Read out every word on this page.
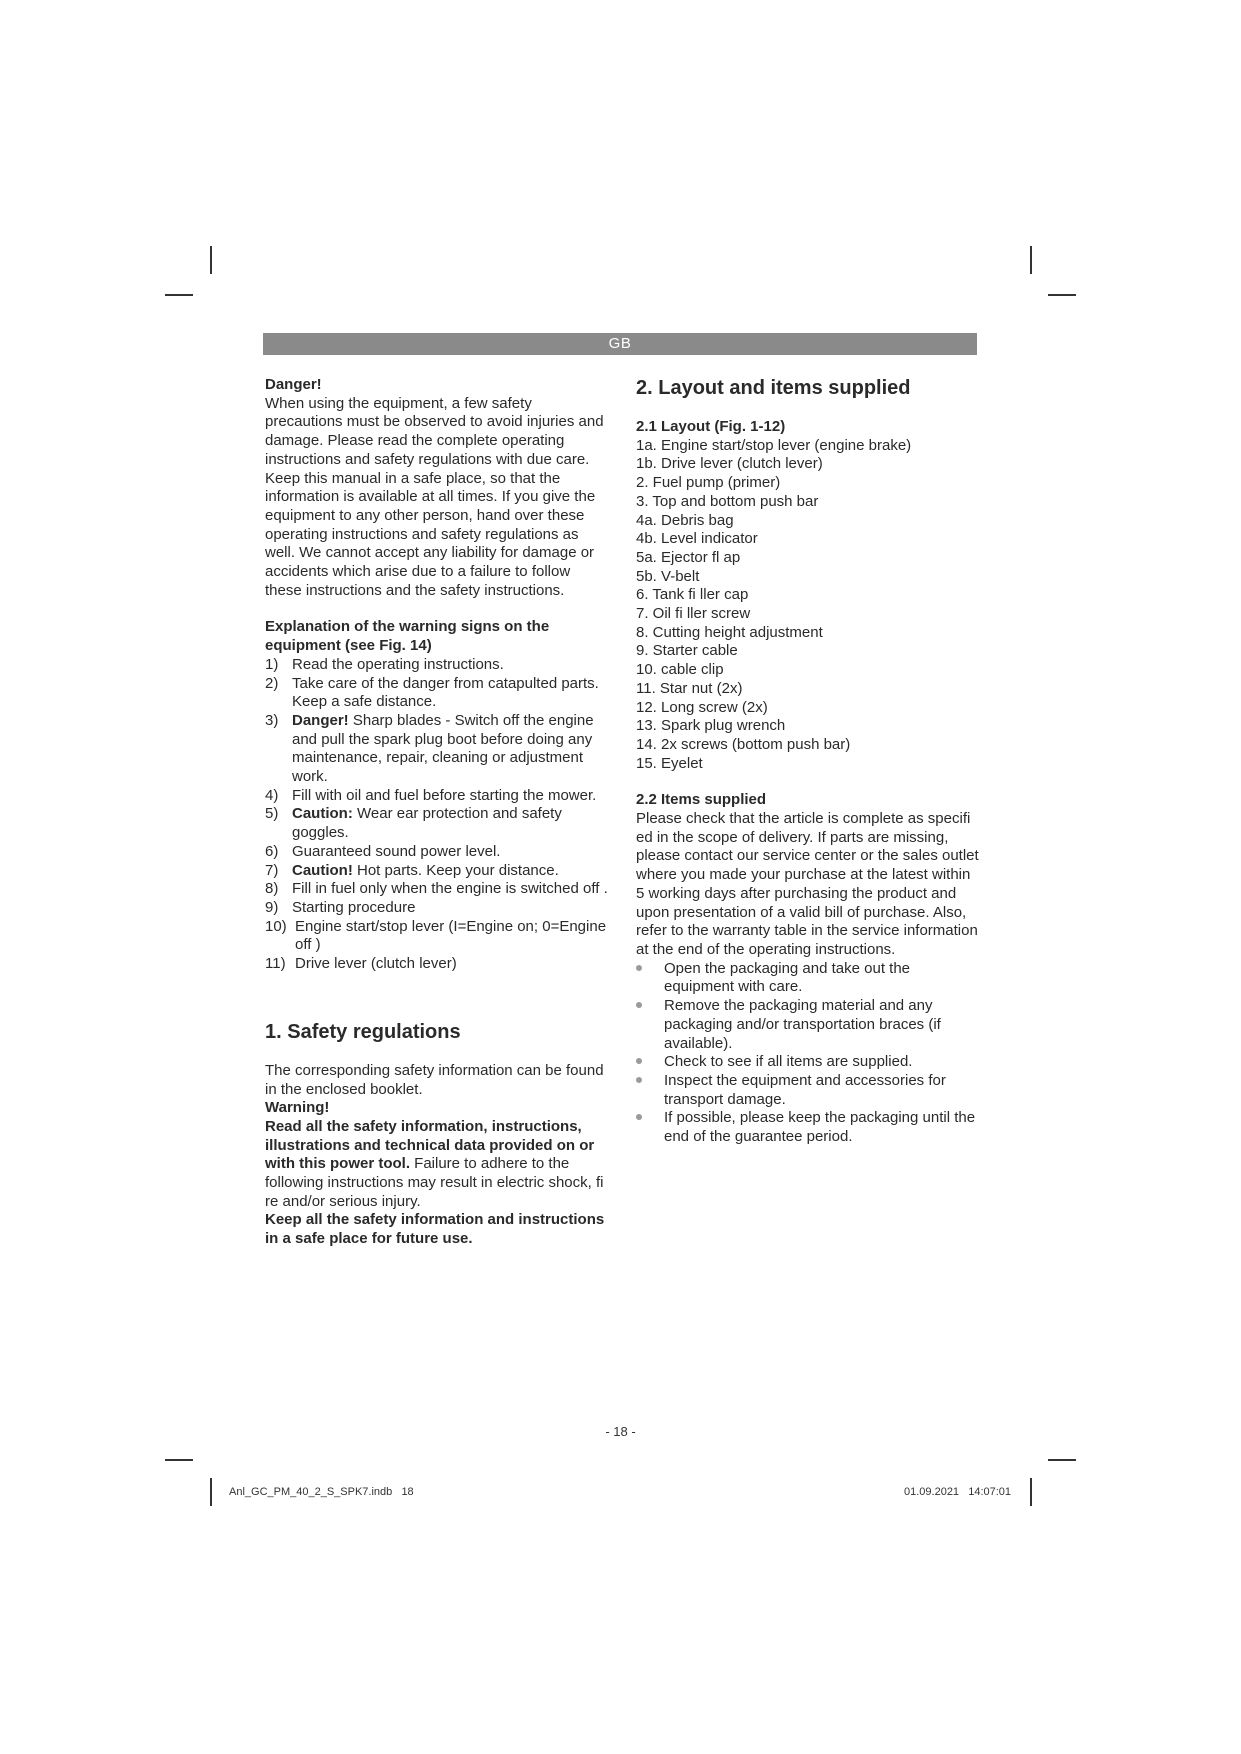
GB

Danger!

When using the equipment, a few safety precautions must be observed to avoid injuries and damage. Please read the complete operating instructions and safety regulations with due care. Keep this manual in a safe place, so that the information is available at all times. If you give the equipment to any other person, hand over these operating instructions and safety regulations as well. We cannot accept any liability for damage or accidents which arise due to a failure to follow these instructions and the safety instructions.

Explanation of the warning signs on the equipment (see Fig. 14)

1) Read the operating instructions.
2) Take care of the danger from catapulted parts. Keep a safe distance.
3) Danger! Sharp blades - Switch off the engine and pull the spark plug boot before doing any maintenance, repair, cleaning or adjustment work.
4) Fill with oil and fuel before starting the mower.
5) Caution: Wear ear protection and safety goggles.
6) Guaranteed sound power level.
7) Caution! Hot parts. Keep your distance.
8) Fill in fuel only when the engine is switched off .
9) Starting procedure
10) Engine start/stop lever (I=Engine on; 0=Engine off )
11) Drive lever (clutch lever)

1. Safety regulations

The corresponding safety information can be found in the enclosed booklet.

Warning!

Read all the safety information, instructions, illustrations and technical data provided on or with this power tool. Failure to adhere to the following instructions may result in electric shock, fi re and/or serious injury.

Keep all the safety information and instructions in a safe place for future use.

2. Layout and items supplied

2.1 Layout (Fig. 1-12)

1a. Engine start/stop lever (engine brake)

1b. Drive lever (clutch lever)

2. Fuel pump (primer)

3. Top and bottom push bar

4a. Debris bag

4b. Level indicator

5a. Ejector fl ap

5b. V-belt

6. Tank fi ller cap

7. Oil fi ller screw

8. Cutting height adjustment

9. Starter cable

10. cable clip

11. Star nut (2x)

12. Long screw (2x)

13. Spark plug wrench

14. 2x screws (bottom push bar)

15. Eyelet

2.2 Items supplied

Please check that the article is complete as specifi ed in the scope of delivery. If parts are missing, please contact our service center or the sales outlet where you made your purchase at the latest within 5 working days after purchasing the product and upon presentation of a valid bill of purchase. Also, refer to the warranty table in the service information at the end of the operating instructions.

Open the packaging and take out the equipment with care.
Remove the packaging material and any packaging and/or transportation braces (if available).
Check to see if all items are supplied.
Inspect the equipment and accessories for transport damage.
If possible, please keep the packaging until the end of the guarantee period.
- 18 -
Anl_GC_PM_40_2_S_SPK7.indb   18	01.09.2021   14:07:01
